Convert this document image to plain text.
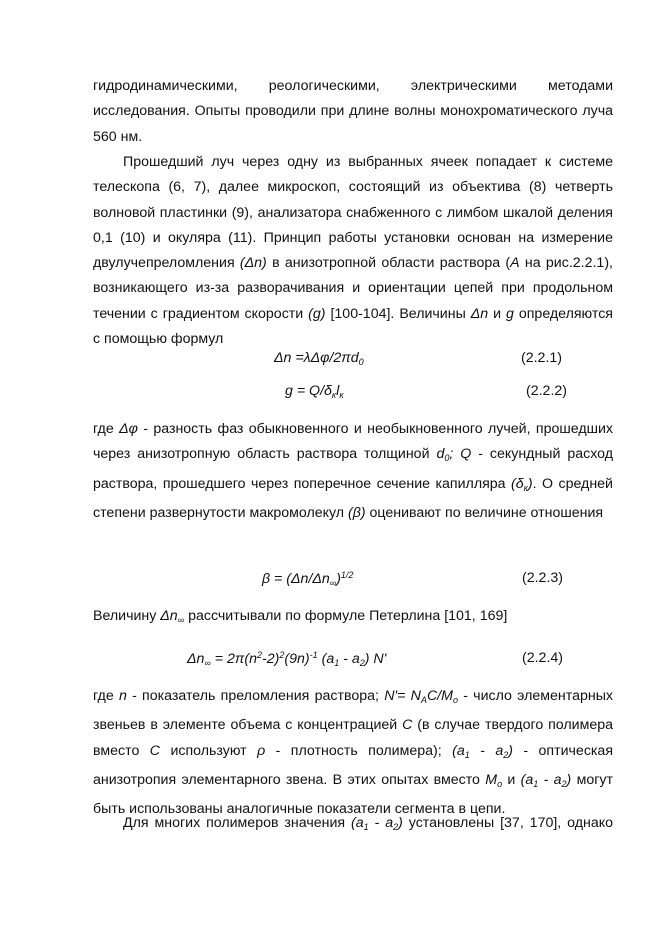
гидродинамическими, реологическими, электрическими методами
исследования. Опыты проводили при длине волны монохроматического луча
560 нм.
Прошедший луч через одну из выбранных ячеек попадает к системе
телескопа (6, 7), далее микроскоп, состоящий из объектива (8) четверть
волновой пластинки (9), анализатора снабженного с лимбом шкалой деления
0,1 (10) и окуляра (11). Принцип работы установки основан на измерение
двулучепреломления (Δn) в анизотропной области раствора (A на рис.2.2.1),
возникающего из-за разворачивания и ориентации цепей при продольном
течении с градиентом скорости (g) [100-104]. Величины Δn и g определяются
с помощью формул
$\Delta n =\lambda\Delta\varphi/2\pi d_0$	(2.2.1)
$g = Q/\delta_кl_к$	(2.2.2)
где Δφ - разность фаз обыкновенного и необыкновенного лучей, прошедших
через анизотропную область раствора толщиной $d_0$; Q - секундный расход
раствора, прошедшего через поперечное сечение капилляра $(\delta_к)$. О средней
степени развернутости макромолекул (β) оценивают по величине отношения
$\beta = (\Delta n/\Delta n_\infty)^{1/2}$	(2.2.3)
Величину $\Delta n_\infty$ рассчитывали по формуле Петерлина [101, 169]
$\Delta n_\infty = 2\pi(n^2-2)^2(9n)^{-1}$ $(a_1 - a_2)$ N'	(2.2.4)
где n - показатель преломления раствора; $N'= N_AC/M_o$ - число элементарных
звеньев в элементе объема с концентрацией C (в случае твердого полимера
вместо C используют ρ - плотность полимера); $(a_1 - a_2)$ - оптическая
анизотропия элементарного звена. В этих опытах вместо $M_o$ и $(a_1 - a_2)$ могут
быть использованы аналогичные показатели сегмента в цепи.
Для многих полимеров значения $(a_1 - a_2)$ установлены [37, 170], однако
